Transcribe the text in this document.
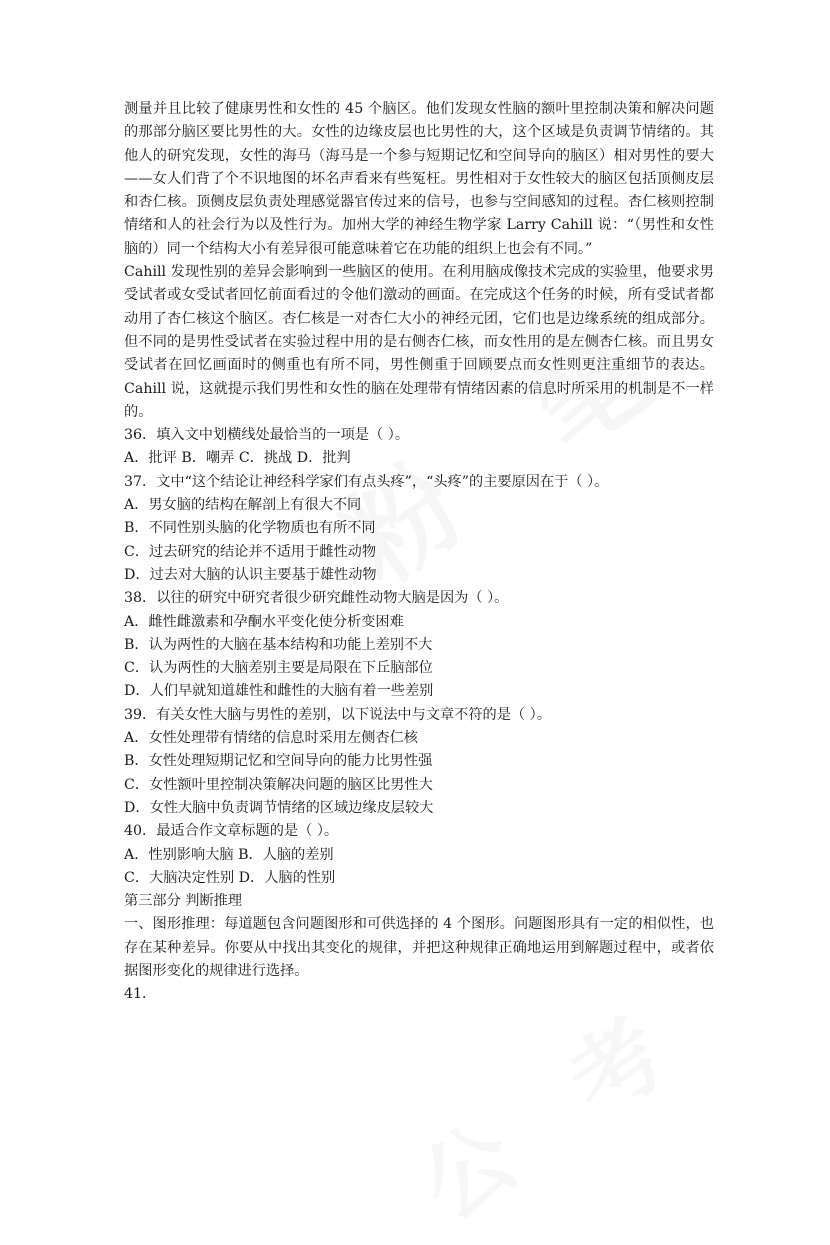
测量并且比较了健康男性和女性的 45 个脑区。他们发现女性脑的额叶里控制决策和解决问题的那部分脑区要比男性的大。女性的边缘皮层也比男性的大，这个区域是负责调节情绪的。其他人的研究发现，女性的海马（海马是一个参与短期记忆和空间导向的脑区）相对男性的要大——女人们背了个不识地图的坏名声看来有些冤枉。男性相对于女性较大的脑区包括顶侧皮层和杏仁核。顶侧皮层负责处理感觉器官传过来的信号，也参与空间感知的过程。杏仁核则控制情绪和人的社会行为以及性行为。加州大学的神经生物学家 Larry Cahill 说：“（男性和女性脑的）同一个结构大小有差异很可能意味着它在功能的组织上也会有不同。”

Cahill 发现性别的差异会影响到一些脑区的使用。在利用脑成像技术完成的实验里，他要求男受试者或女受试者回忆前面看过的令他们激动的画面。在完成这个任务的时候，所有受试者都动用了杏仁核这个脑区。杏仁核是一对杏仁大小的神经元团，它们也是边缘系统的组成部分。但不同的是男性受试者在实验过程中用的是右侧杏仁核，而女性用的是左侧杏仁核。而且男女受试者在回忆画面时的侧重也有所不同，男性侧重于回顾要点而女性则更注重细节的表达。Cahill 说，这就提示我们男性和女性的脑在处理带有情绪因素的信息时所采用的机制是不一样的。

36．填入文中划横线处最恰当的一项是（ ）。

A．批评 B．嘲弄 C．挑战 D．批判

37．文中“这个结论让神经科学家们有点头疼”，“头疼”的主要原因在于（ ）。

A．男女脑的结构在解剖上有很大不同

B．不同性别头脑的化学物质也有所不同

C．过去研究的结论并不适用于雌性动物

D．过去对大脑的认识主要基于雄性动物

38．以往的研究中研究者很少研究雌性动物大脑是因为（ ）。

A．雌性雌激素和孕酮水平变化使分析变困难

B．认为两性的大脑在基本结构和功能上差别不大

C．认为两性的大脑差别主要是局限在下丘脑部位

D．人们早就知道雄性和雌性的大脑有着一些差别

39．有关女性大脑与男性的差别，以下说法中与文章不符的是（ ）。

A．女性处理带有情绪的信息时采用左侧杏仁核

B．女性处理短期记忆和空间导向的能力比男性强

C．女性额叶里控制决策解决问题的脑区比男性大

D．女性大脑中负责调节情绪的区域边缘皮层较大

40．最适合作文章标题的是（ ）。

A．性别影响大脑 B．人脑的差别

C．大脑决定性别 D．人脑的性别

第三部分 判断推理

一、图形推理：每道题包含问题图形和可供选择的 4 个图形。问题图形具有一定的相似性，也存在某种差异。你要从中找出其变化的规律，并把这种规律正确地运用到解题过程中，或者依据图形变化的规律进行选择。

41．
